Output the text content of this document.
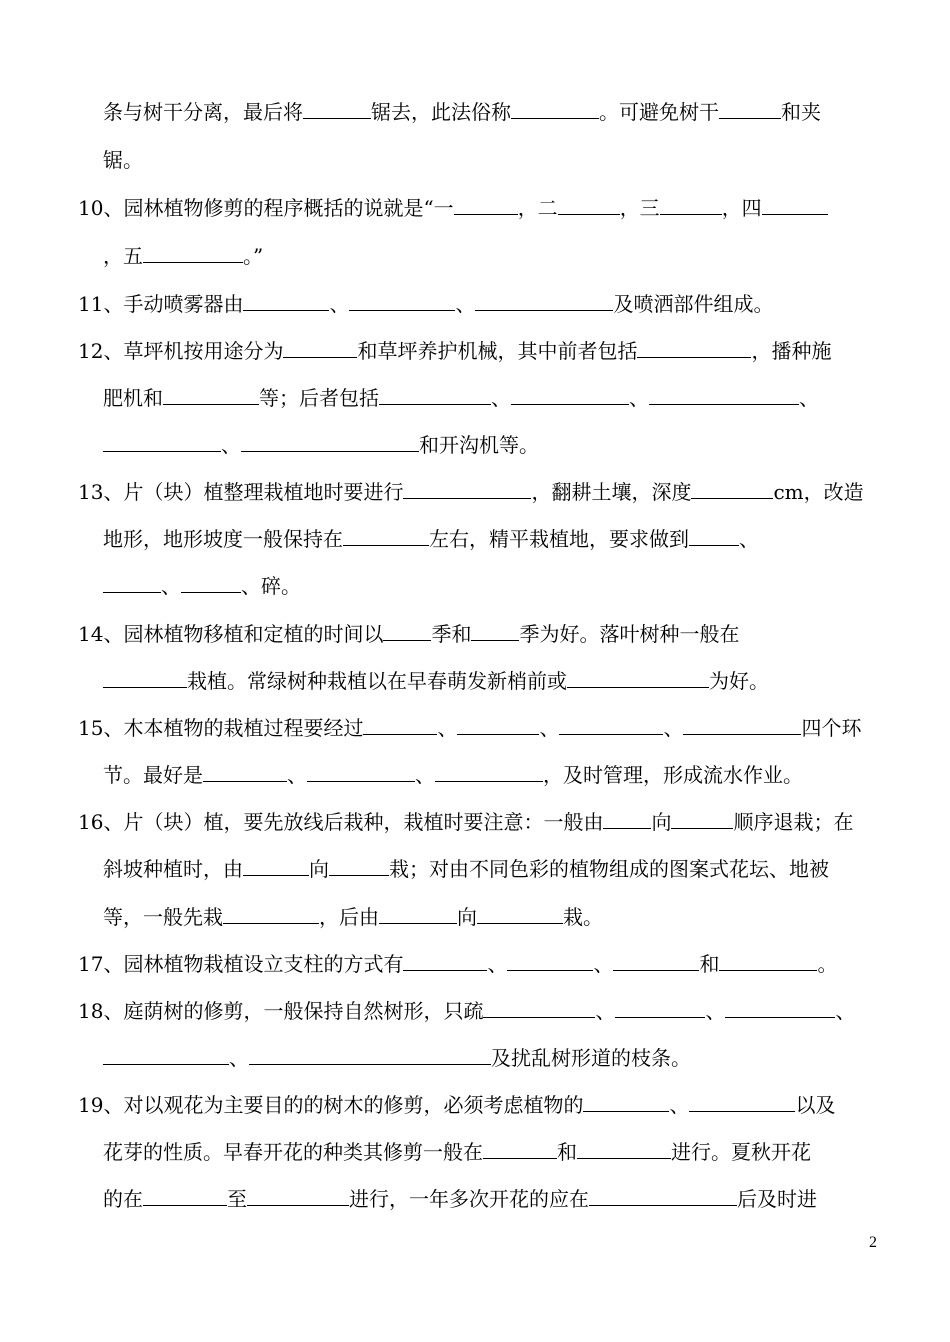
条与树干分离，最后将	锯去，此法俗称	。可避免树干	和夹
锯。
10、园林植物修剪的程序概括的说就是“一	，二	，三	，四
，五	。”
11、手动喷雾器由	、	、	及喷洒部件组成。
12、草坪机按用途分为	和草坪养护机械，其中前者包括	，播种施
肥机和	等；后者包括	、	、	、
、	和开沟机等。
13、片（块）植整理栽植地时要进行	，翻耕土壤，深度	cm，改造
地形，地形坡度一般保持在	左右，精平栽植地，要求做到	、
、	、碎。
14、园林植物移植和定植的时间以 季和 季为好。落叶树种一般在
栽植。常绿树种栽植以在早春萌发新梢前或	为好。
15、木本植物的栽植过程要经过	、	、	、	四个环
节。最好是	、	、	，及时管理，形成流水作业。
16、片（块）植，要先放线后栽种，栽植时要注意：一般由 向	顺序退栽；在
斜坡种植时，由	向	栽；对由不同色彩的植物组成的图案式花坛、地被
等，一般先栽	，后由	向	栽。
17、园林植物栽植设立支柱的方式有	、	、	和	。
18、庭荫树的修剪，一般保持自然树形，只疏	、	、	、
、	及扰乱树形道的枝条。
19、对以观花为主要目的的树木的修剪，必须考虑植物的	、	以及
花芽的性质。早春开花的种类其修剪一般在	和	进行。夏秋开花
的在	至	进行，一年多次开花的应在	后及时进
2
